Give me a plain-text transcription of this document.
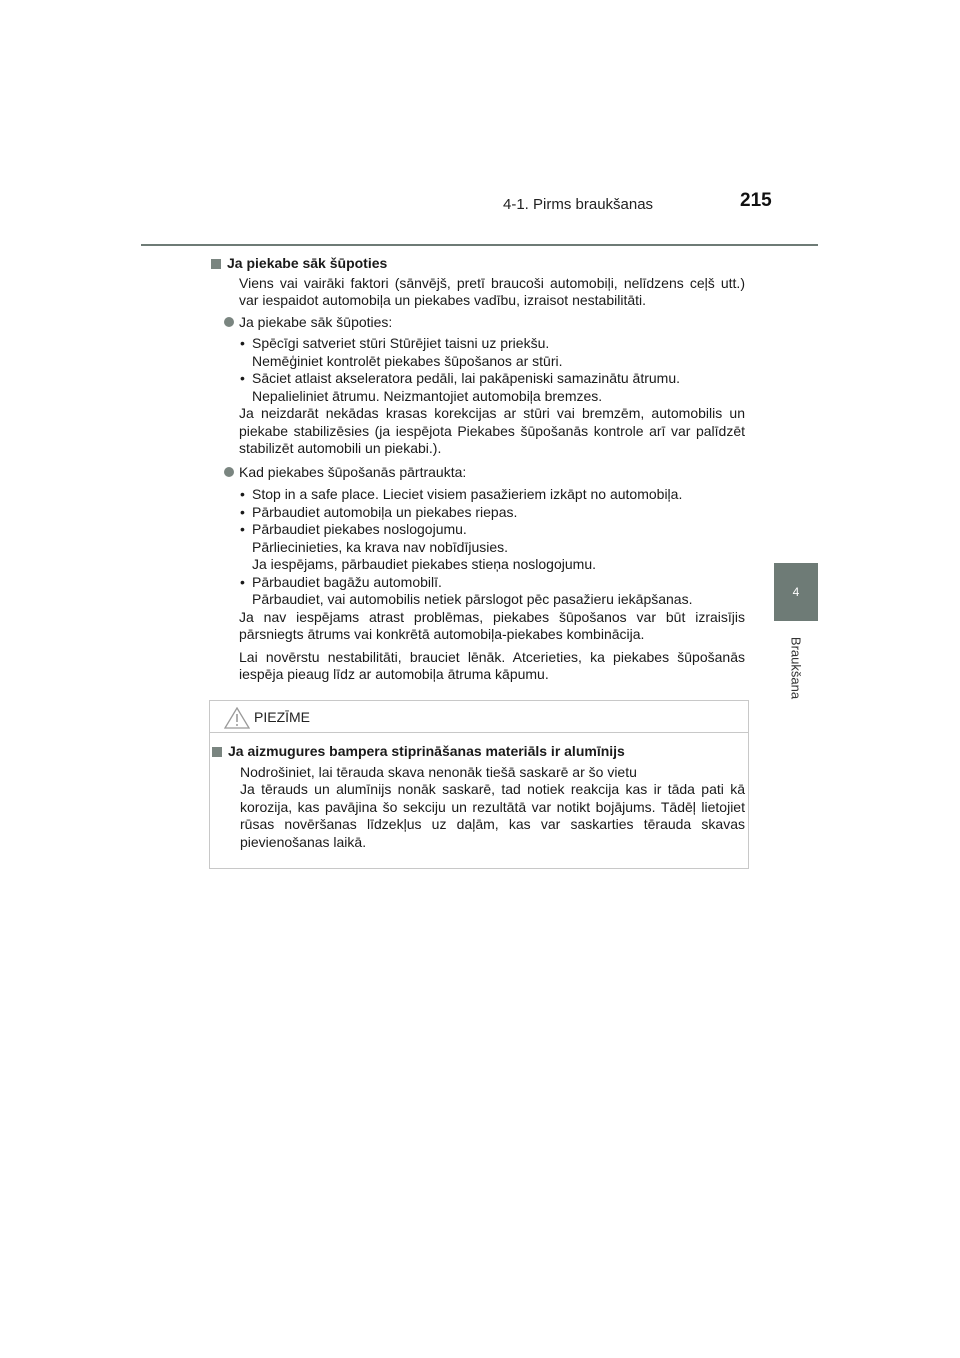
4-1. Pirms braukšanas	215
4
Braukšana

Ja piekabe sāk šūpoties

Viens vai vairāki faktori (sānvējš, pretī braucoši automobiļi, nelīdzens ceļš utt.) var iespaidot automobiļa un piekabes vadību, izraisot nestabilitāti.

Ja piekabe sāk šūpoties:

• Spēcīgi satveriet stūri Stūrējiet taisni uz priekšu.

Nemēģiniet kontrolēt piekabes šūpošanos ar stūri.

• Sāciet atlaist akseleratora pedāli, lai pakāpeniski samazinātu ātrumu.

Nepalieliniet ātrumu. Neizmantojiet automobiļa bremzes.

Ja neizdarāt nekādas krasas korekcijas ar stūri vai bremzēm, automobilis un piekabe stabilizēsies (ja iespējota Piekabes šūpošanās kontrole arī var palīdzēt stabilizēt automobili un piekabi.).

Kad piekabes šūpošanās pārtraukta:

• Stop in a safe place. Lieciet visiem pasažieriem izkāpt no automobiļa.

• Pārbaudiet automobiļa un piekabes riepas.

• Pārbaudiet piekabes noslogojumu.

Pārliecinieties, ka krava nav nobīdījusies.

Ja iespējams, pārbaudiet piekabes stieņa noslogojumu.

• Pārbaudiet bagāžu automobilī.

Pārbaudiet, vai automobilis netiek pārslogot pēc pasažieru iekāpšanas.

Ja nav iespējams atrast problēmas, piekabes šūpošanos var būt izraisījis pārsniegts ātrums vai konkrētā automobiļa-piekabes kombinācija.

Lai novērstu nestabilitāti, brauciet lēnāk. Atcerieties, ka piekabes šūpošanās iespēja pieaug līdz ar automobiļa ātruma kāpumu.

PIEZĪME

Ja aizmugures bampera stiprināšanas materiāls ir alumīnijs

Nodrošiniet, lai tērauda skava nenonāk tiešā saskarē ar šo vietu

Ja tērauds un alumīnijs nonāk saskarē, tad notiek reakcija kas ir tāda pati kā korozija, kas pavājina šo sekciju un rezultātā var notikt bojājums. Tādēļ lietojiet rūsas novēršanas līdzekļus uz daļām, kas var saskarties tērauda skavas pievienošanas laikā.
